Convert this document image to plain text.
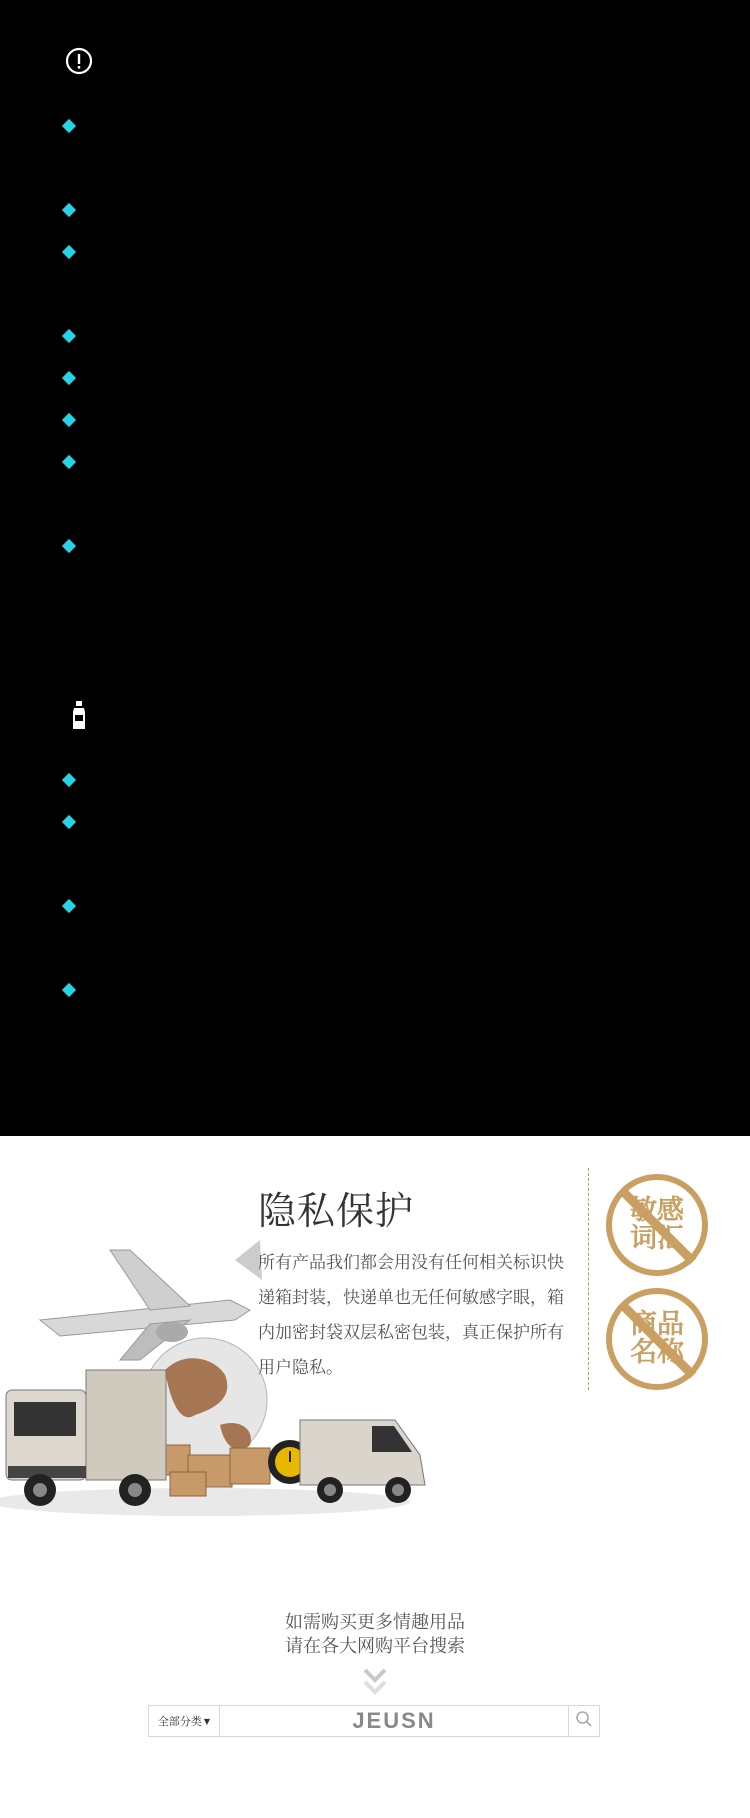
注意事项
本产品仅适合18周岁及以上成人使用，为避免疾病传染，请保持为个人使用，请勿与多人共用。
在身体不适的情况下，请谨慎使用本产品。
正在使用医疗电子产品（如心脏起搏器）的人士/孕妇或其他身体不适的人士，请停止使用本产品。
请不要拆卸产品的任何部件，否则可能造成产品顺坏或危害您的安全。
本产品为充电设备，充电过程中会稍微发热，属正常现象不影响产品正常使用。
本产品头部有发热表面，对热敏感人群使用时请注意。
产品在开启加温功能和冲击功能约5分钟后才能起到全身加温效果，只打开加温功能的情况下只有头部附近有温度。
阳具表面的粉末为出厂时涂抹的器具保护粉，只需使用常温清水冲洗掉即可使用。
清洗与收纳
使用后，请使用无刺激的水溶性清洁剂（例如：肥皂）和常温水清洗；
清洗后，使用干净的柔软布料擦干水渍，请勿使用任何外部设备加热烘干本产品，如：吹风机；
请将产品贮存于阴凉干燥处，避免阳光直射，避免放置在过冷或过热的环境中，避免与有腐蚀性的化学品接触。请将产品放置在儿童接触不到的地方；
当产品随身携带时，请将其放入原包装收纳盒中或您自备的收纳盒中，以免造成不必要的划伤或外部污染。
隐私保护
所有产品我们都会用没有任何相关标识快递箱封装，快递单也无任何敏感字眼，箱内加密封袋双层私密包装，真正保护所有用户隐私。
敏感
词汇
商品
名称
如需购买更多情趣用品
请在各大网购平台搜索
全部分类 ▼	JEUSN
